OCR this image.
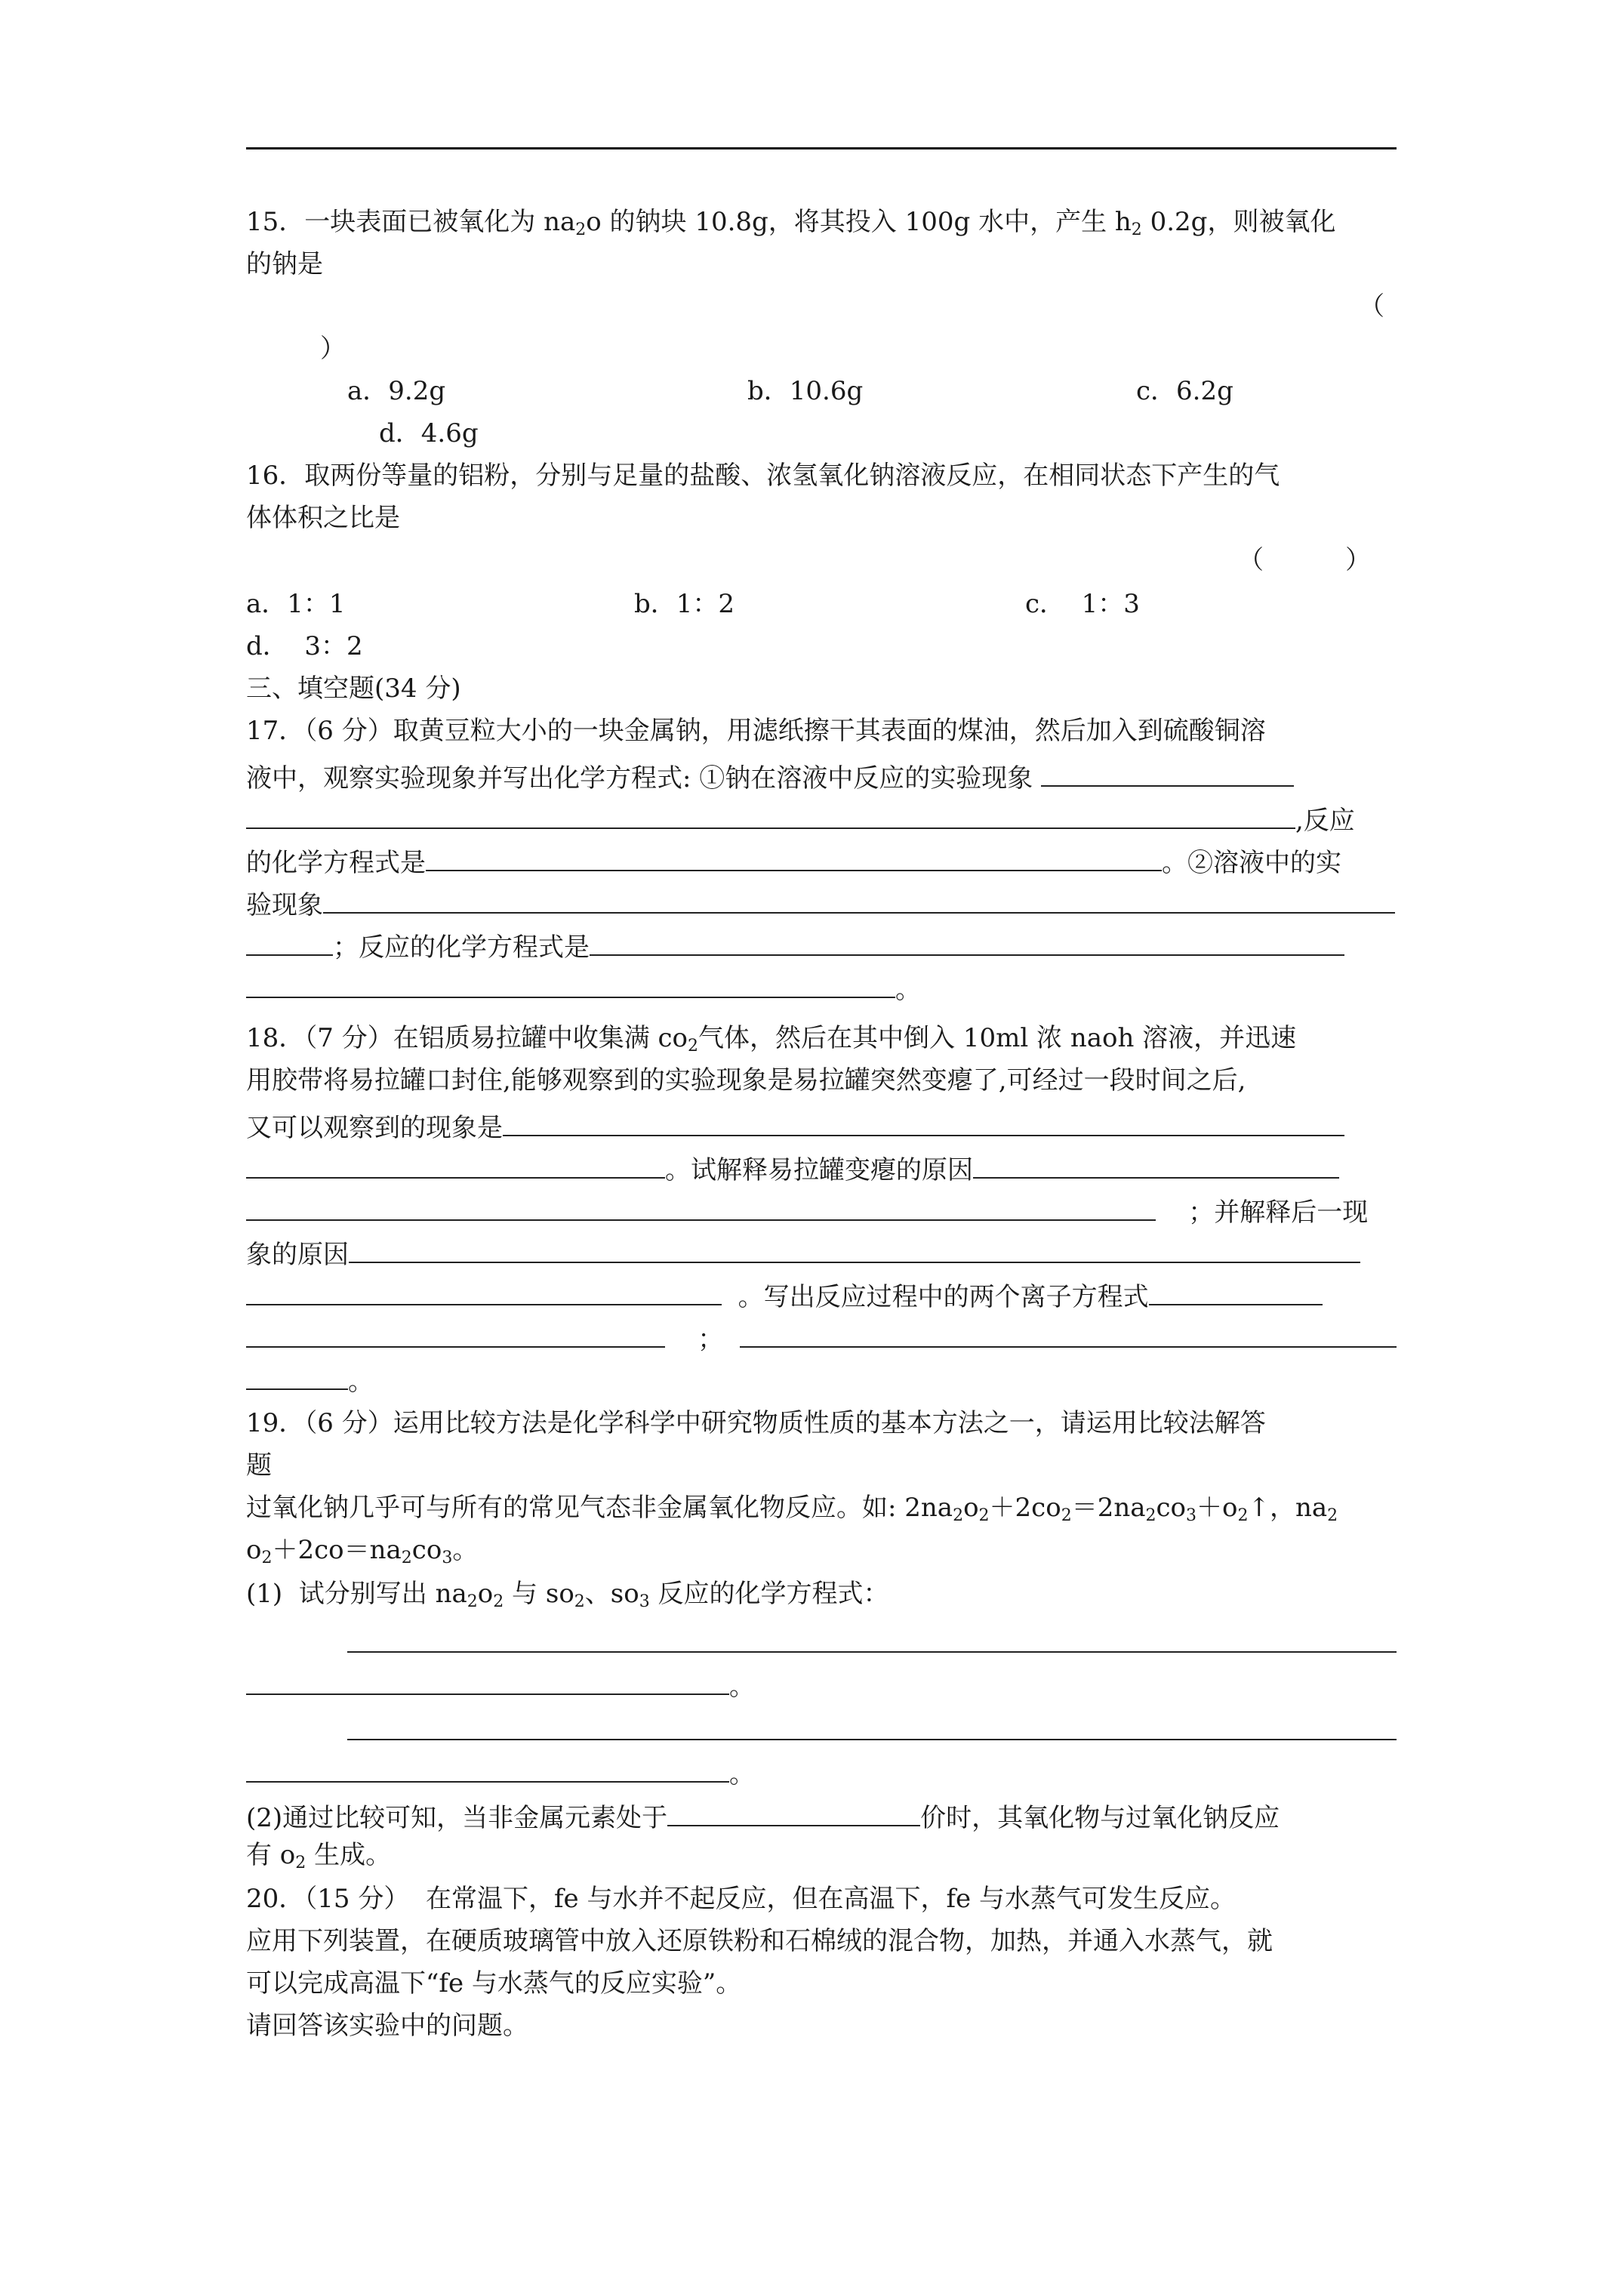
15．一块表面已被氧化为 $na_2o$ 的钠块 10.8g，将其投入 100g 水中，产生 $h_2$ 0.2g，则被氧化
的钠是
（
）
a．9.2g	b．10.6g	c．6.2g
d．4.6g
16．取两份等量的铝粉，分别与足量的盐酸、浓氢氧化钠溶液反应，在相同状态下产生的气
体体积之比是
（          ）
a．1：1	b．1：2	c．  1：3
d．  3：2
三、填空题(34 分)
17．（6 分）取黄豆粒大小的一块金属钠，用滤纸擦干其表面的煤油，然后加入到硫酸铜溶
液中，观察实验现象并写出化学方程式: ①钠在溶液中反应的实验现象
,反应
的化学方程式是	。②溶液中的实
验现象
；反应的化学方程式是
。
18．（7 分）在铝质易拉罐中收集满 $co_2$气体，然后在其中倒入 10ml 浓 naoh 溶液，并迅速
用胶带将易拉罐口封住,能够观察到的实验现象是易拉罐突然变瘪了,可经过一段时间之后,
又可以观察到的现象是
。试解释易拉罐变瘪的原因
；并解释后一现
象的原因
。写出反应过程中的两个离子方程式
；
。
19．（6 分）运用比较方法是化学科学中研究物质性质的基本方法之一，请运用比较法解答
题
过氧化钠几乎可与所有的常见气态非金属氧化物反应。如: $2na_2o_2+2co_2=2na_2co_3+o_2↑$，$na_2$
$o_2+2co=na_2co_3$。
(1)  试分别写出 $na_2o_2$ 与 $so_2$、$so_3$ 反应的化学方程式：
。
。
(2)通过比较可知，当非金属元素处于	价时，其氧化物与过氧化钠反应
有 $o_2$ 生成。
20．（15 分）  在常温下，fe 与水并不起反应，但在高温下，fe 与水蒸气可发生反应。
应用下列装置，在硬质玻璃管中放入还原铁粉和石棉绒的混合物，加热，并通入水蒸气，就
可以完成高温下“fe 与水蒸气的反应实验”。
请回答该实验中的问题。
